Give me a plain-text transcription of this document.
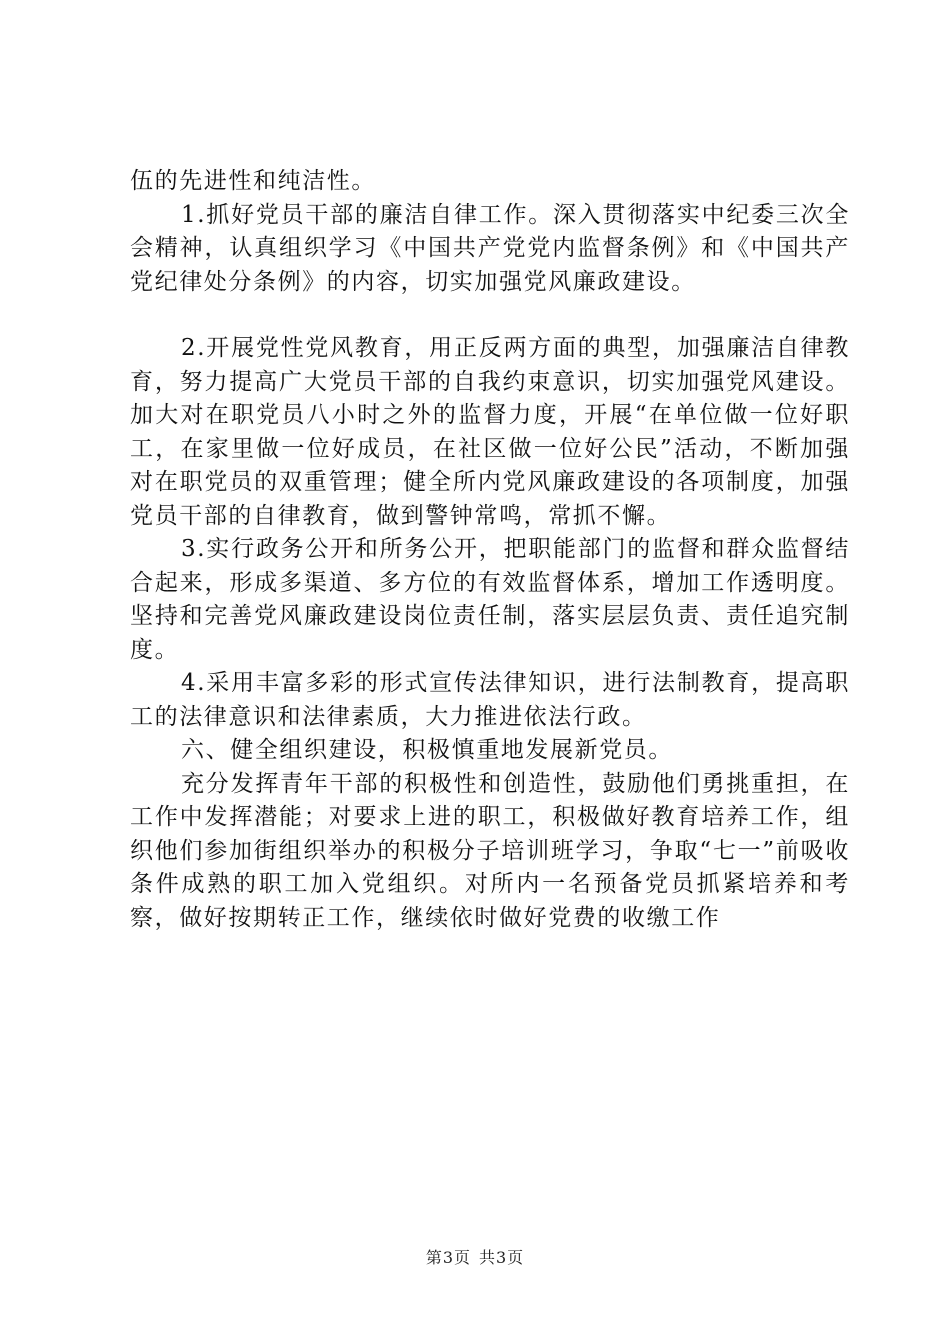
伍的先进性和纯洁性。

1.抓好党员干部的廉洁自律工作。深入贯彻落实中纪委三次全会精神，认真组织学习《中国共产党党内监督条例》和《中国共产党纪律处分条例》的内容，切实加强党风廉政建设。

2.开展党性党风教育，用正反两方面的典型，加强廉洁自律教育，努力提高广大党员干部的自我约束意识，切实加强党风建设。加大对在职党员八小时之外的监督力度，开展“在单位做一位好职工，在家里做一位好成员，在社区做一位好公民”活动，不断加强对在职党员的双重管理；健全所内党风廉政建设的各项制度，加强党员干部的自律教育，做到警钟常鸣，常抓不懈。

3.实行政务公开和所务公开，把职能部门的监督和群众监督结合起来，形成多渠道、多方位的有效监督体系，增加工作透明度。坚持和完善党风廉政建设岗位责任制，落实层层负责、责任追究制度。

4.采用丰富多彩的形式宣传法律知识，进行法制教育，提高职工的法律意识和法律素质，大力推进依法行政。

六、健全组织建设，积极慎重地发展新党员。

充分发挥青年干部的积极性和创造性，鼓励他们勇挑重担，在工作中发挥潜能；对要求上进的职工，积极做好教育培养工作，组织他们参加街组织举办的积极分子培训班学习，争取“七一”前吸收条件成熟的职工加入党组织。对所内一名预备党员抓紧培养和考察，做好按期转正工作，继续依时做好党费的收缴工作

第3页 共3页
